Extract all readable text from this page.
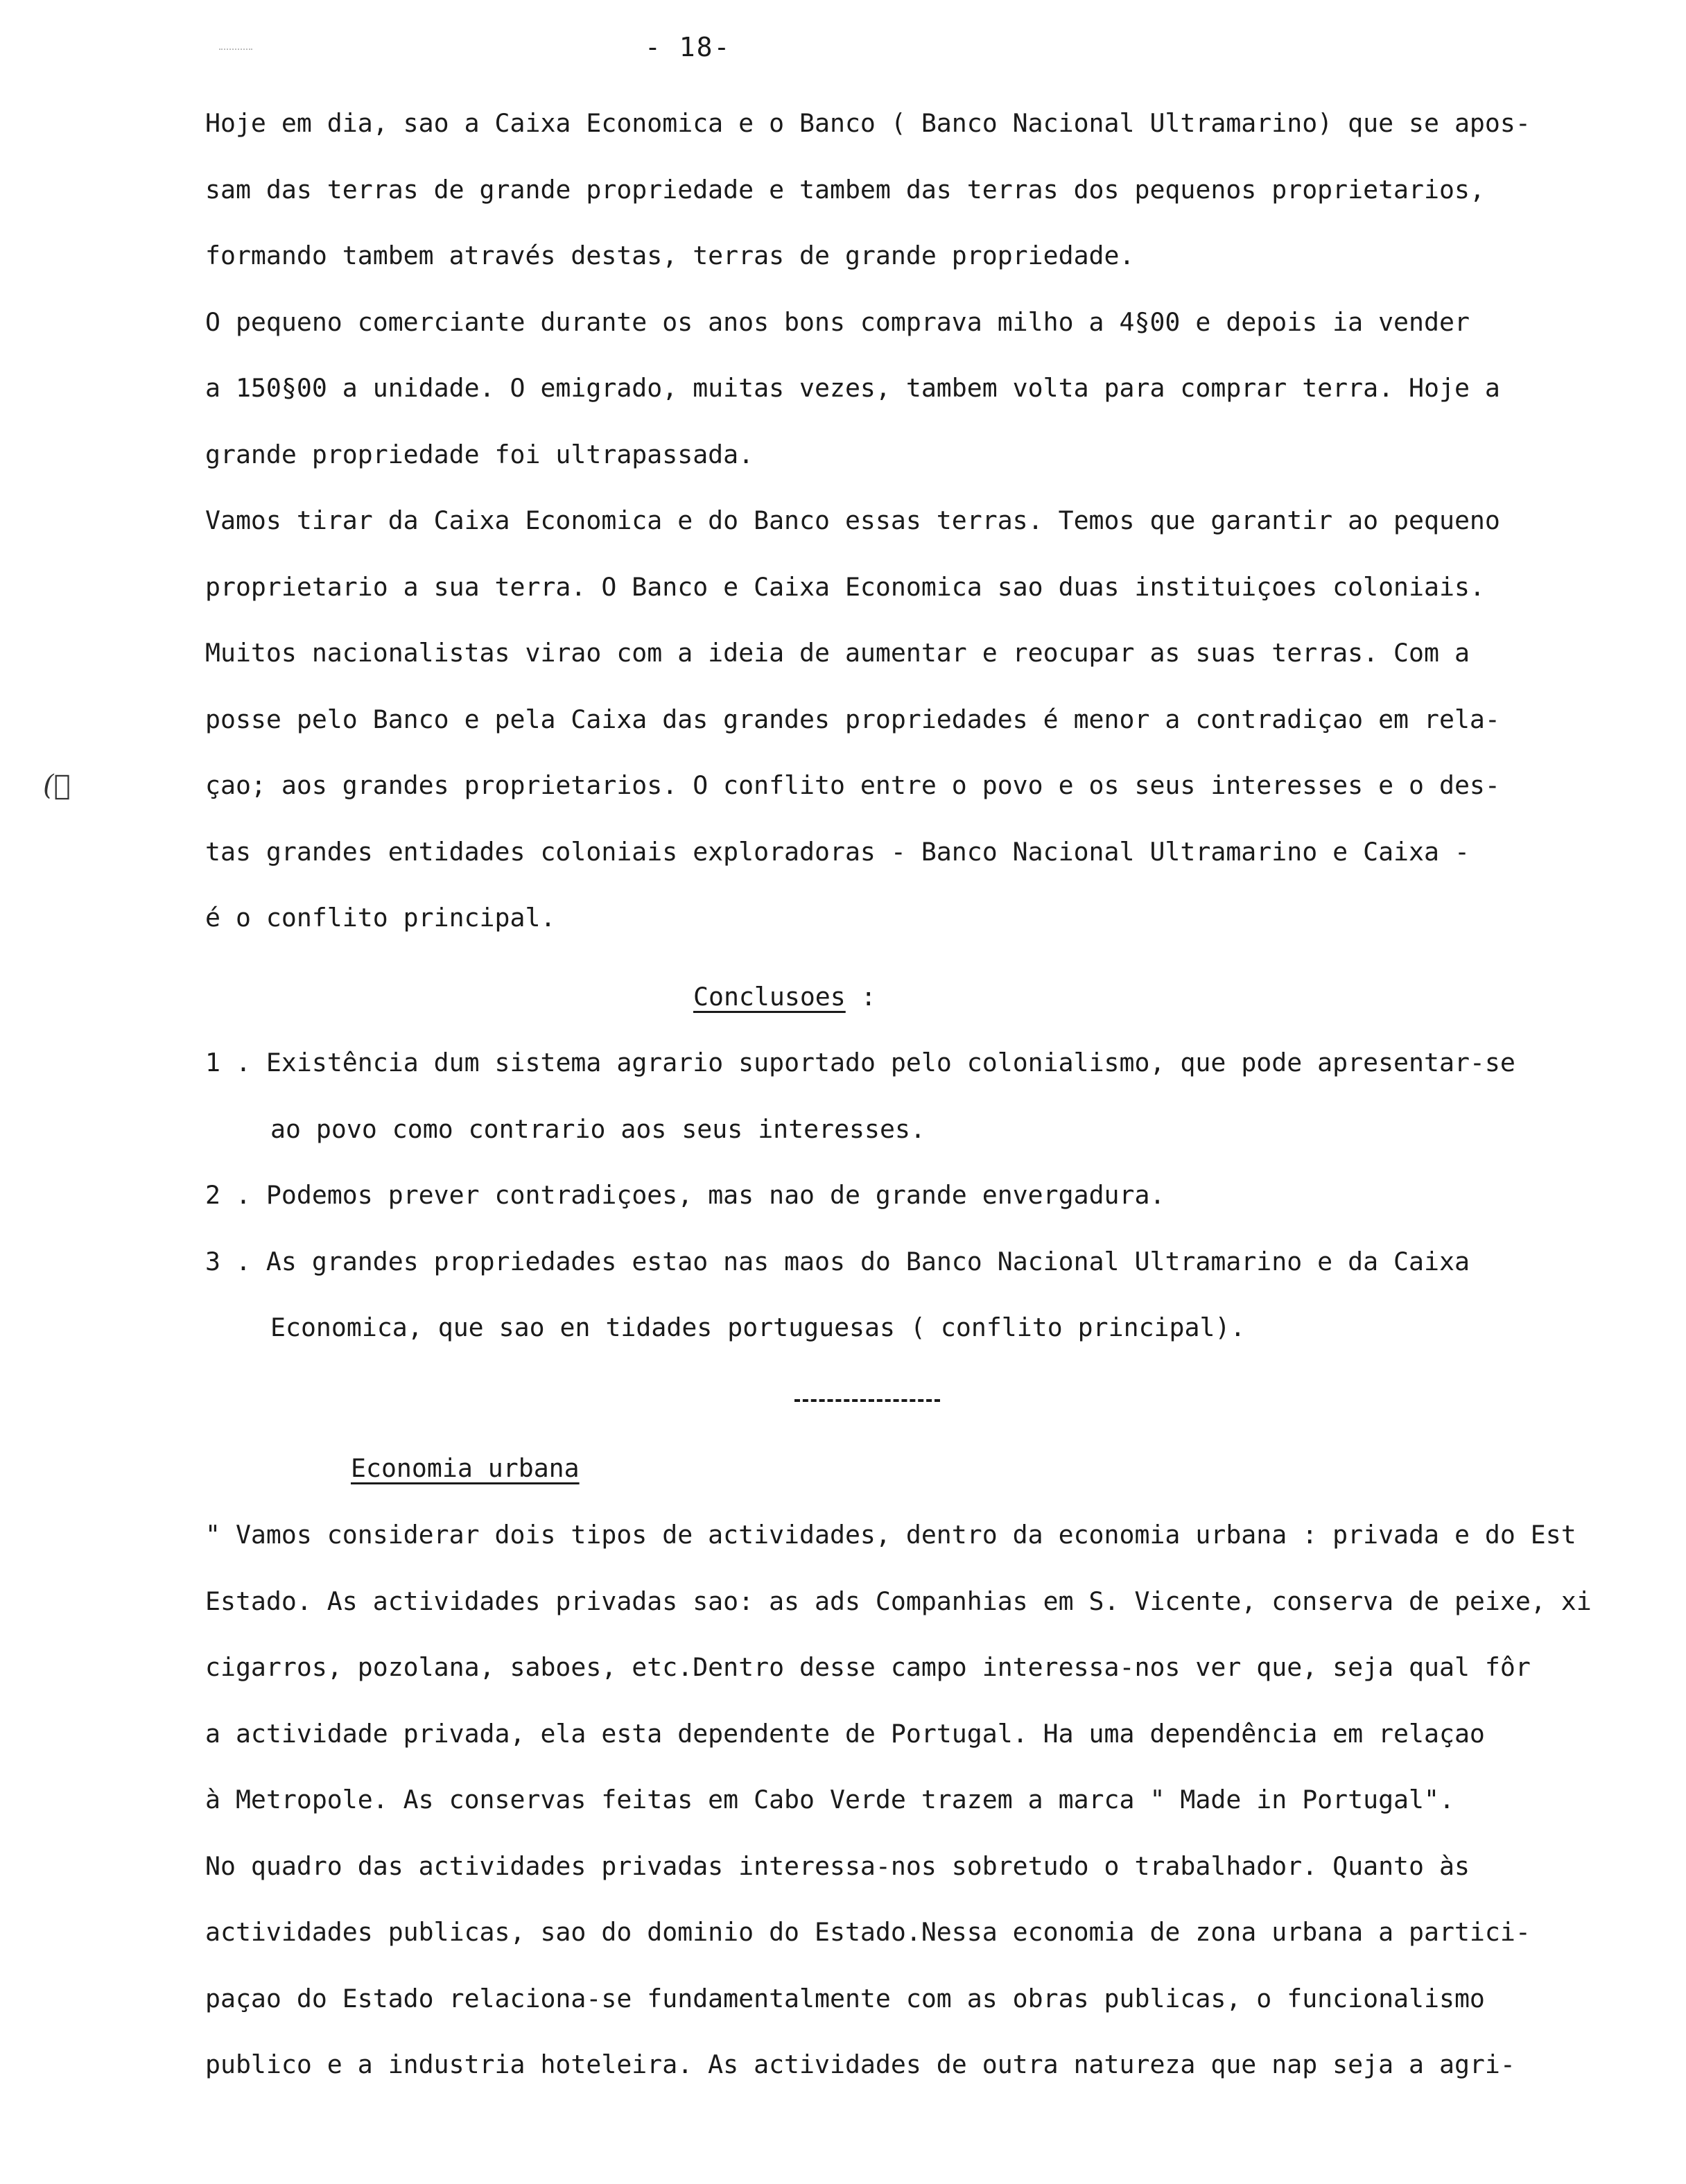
- 18-
( ٍ
Hoje em dia, sao a Caixa Economica e o Banco ( Banco Nacional Ultramarino) que se apos-
sam das terras de grande propriedade e tambem das terras dos pequenos proprietarios,
formando tambem através destas, terras de grande propriedade.
O pequeno comerciante durante os anos bons comprava milho a 4§00 e depois ia vender
a 150§00 a unidade. O emigrado, muitas vezes, tambem volta para comprar terra. Hoje a
grande propriedade foi ultrapassada.
Vamos tirar da Caixa Economica e do Banco essas terras. Temos que garantir ao pequeno
proprietario a sua terra. O Banco e Caixa Economica sao duas instituiçoes coloniais.
Muitos nacionalistas virao com a ideia de aumentar e reocupar as suas terras. Com a
posse pelo Banco e pela Caixa das grandes propriedades é menor a contradiçao em rela-
çao; aos grandes proprietarios. O conflito entre o povo e os seus interesses e o des-
tas grandes entidades coloniais exploradoras - Banco Nacional Ultramarino e Caixa -
é o conflito principal.
Conclusoes :
1 . Existência dum sistema agrario suportado pelo colonialismo, que pode apresentar-se
ao povo como contrario aos seus interesses.
2 . Podemos prever contradiçoes, mas nao de grande envergadura.
3 . As grandes propriedades estao nas maos do Banco Nacional Ultramarino e da Caixa
Economica, que sao en tidades portuguesas ( conflito principal).
Economia urbana
" Vamos considerar dois tipos de actividades, dentro da economia urbana : privada e do Est
Estado. As actividades privadas sao: as ads Companhias em S. Vicente, conserva de peixe, xi
cigarros, pozolana, saboes, etc.Dentro desse campo interessa-nos ver que, seja qual fôr
a actividade privada, ela esta dependente de Portugal. Ha uma dependência em relaçao
à Metropole. As conservas feitas em Cabo Verde trazem a marca " Made in Portugal".
No quadro das actividades privadas interessa-nos sobretudo o trabalhador. Quanto às
actividades publicas, sao do dominio do Estado.Nessa economia de zona urbana a partici-
paçao do Estado relaciona-se fundamentalmente com as obras publicas, o funcionalismo
publico e a industria hoteleira. As actividades de outra natureza que nap seja a agri-
